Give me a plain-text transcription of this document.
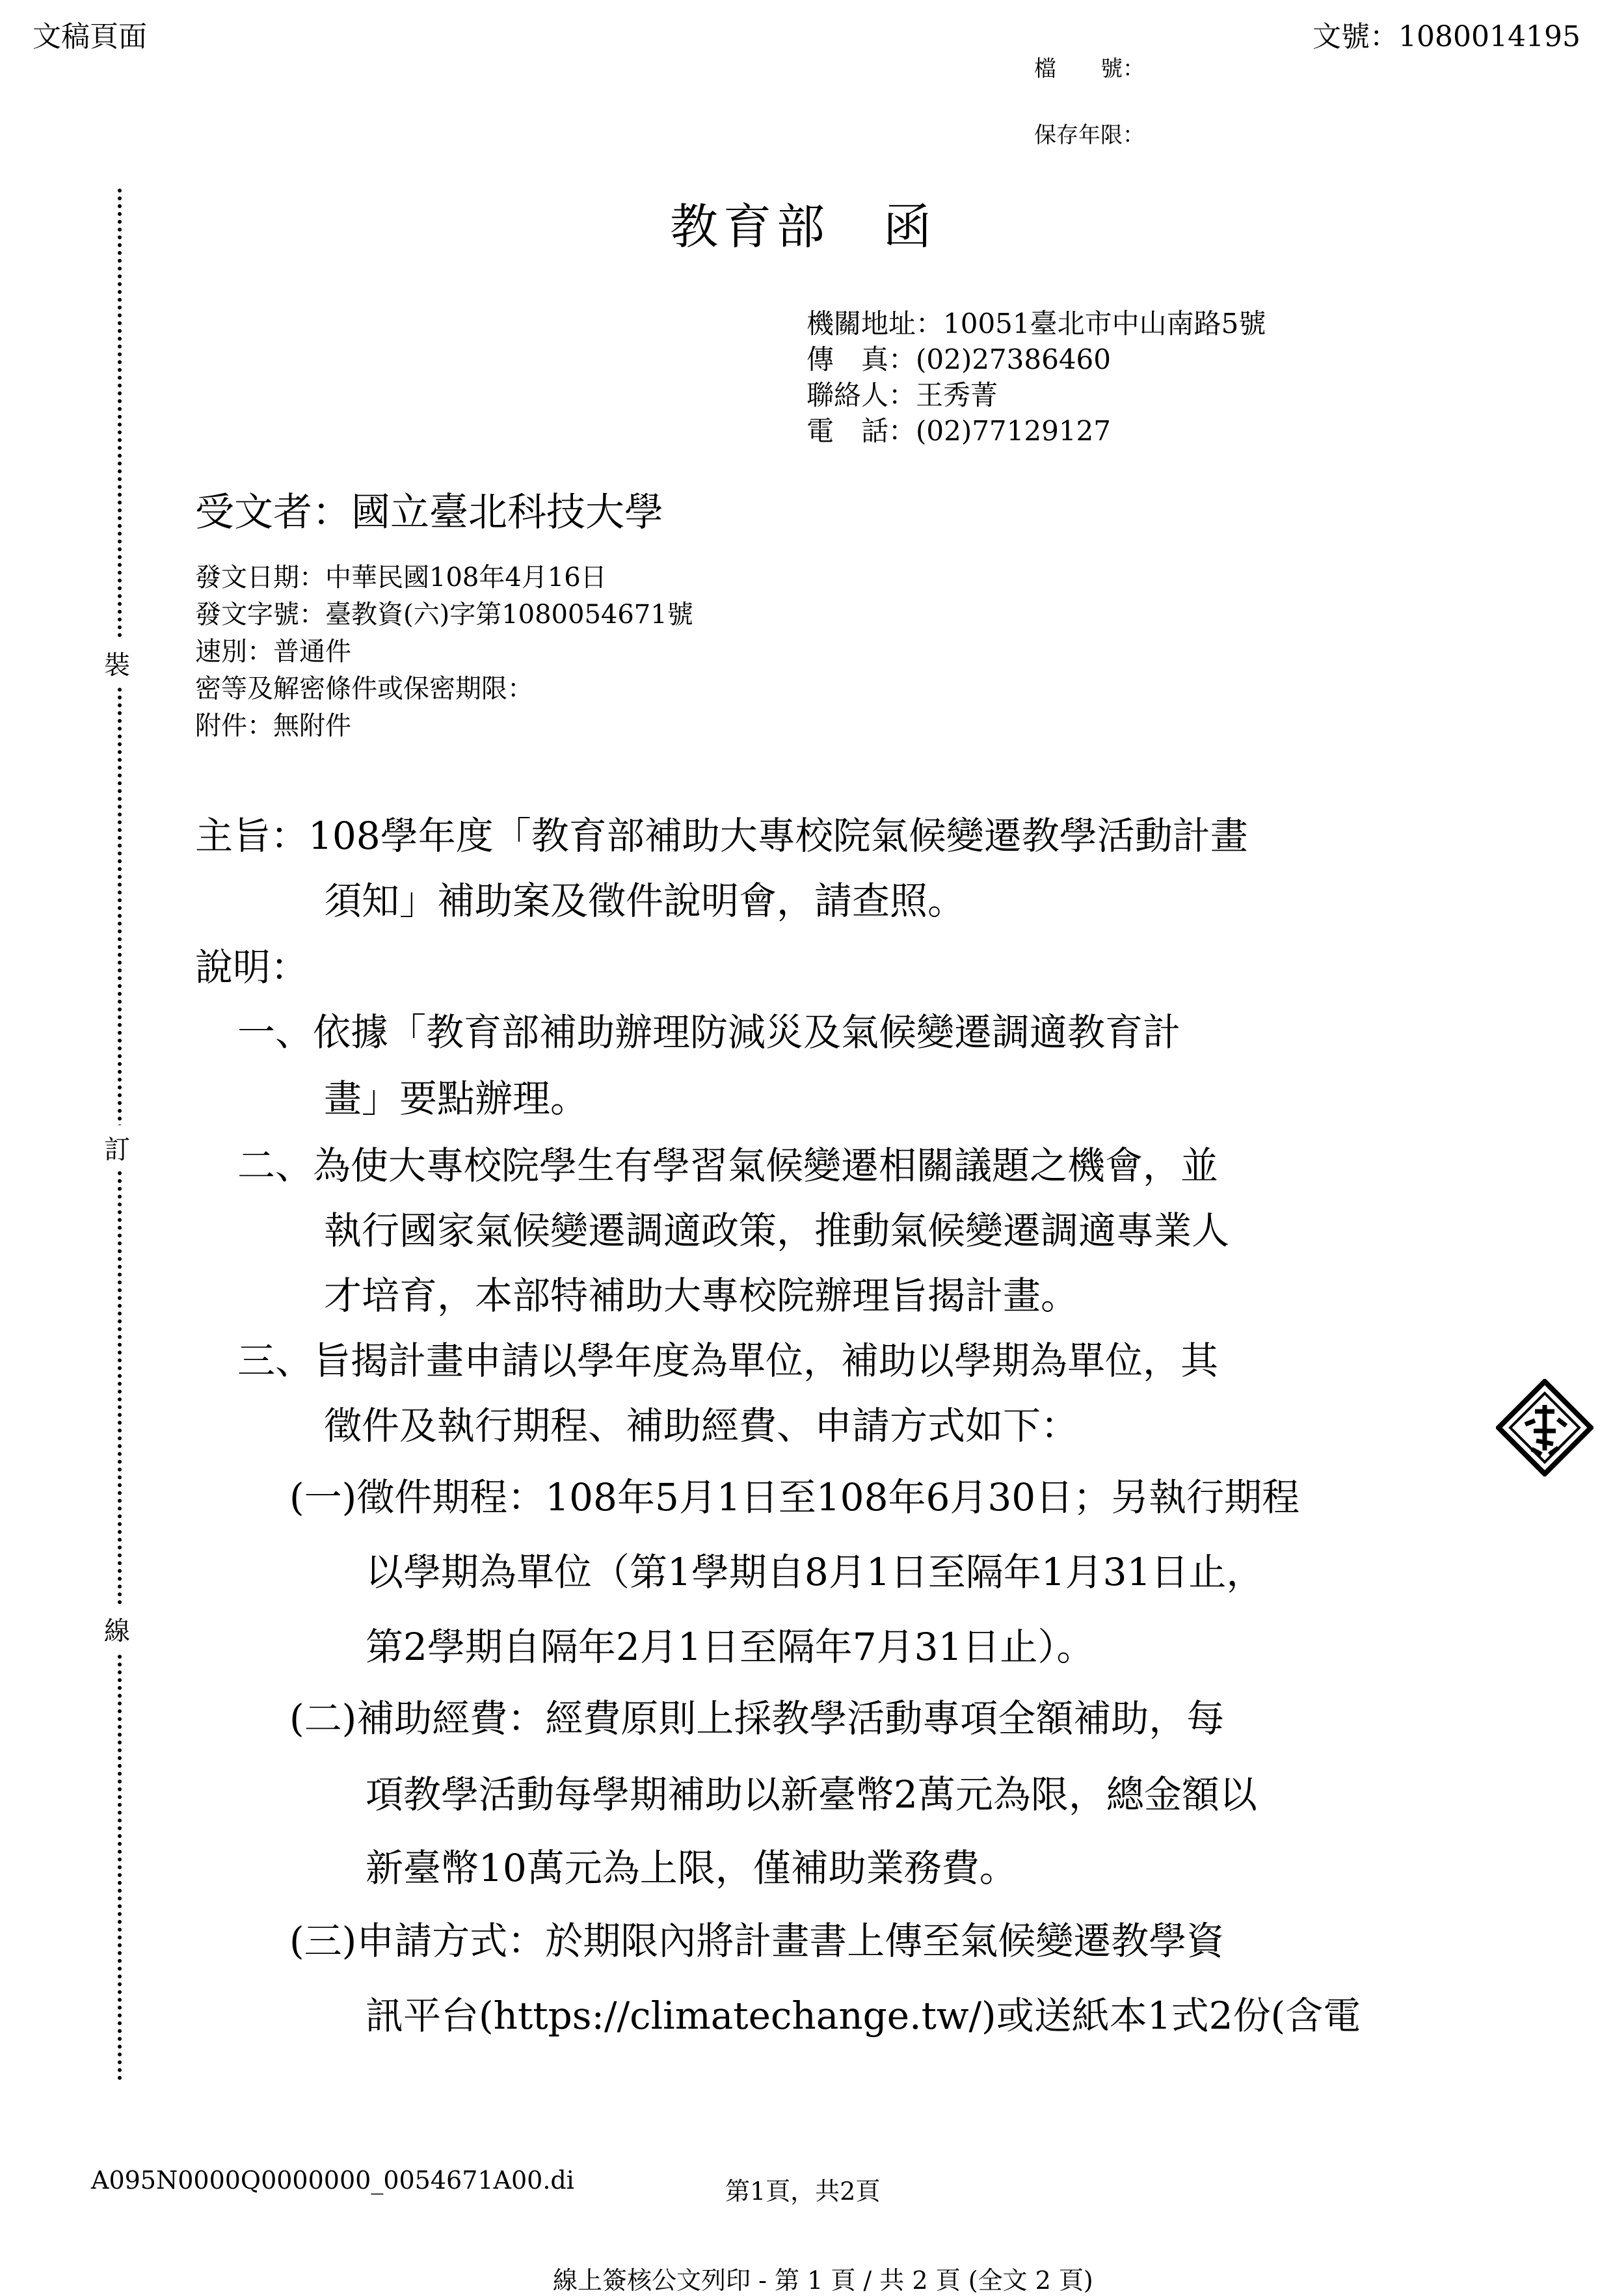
文稿頁面	文號：1080014195
檔　　號：
保存年限：
裝
訂
線
教育部　函
機關地址：10051臺北市中山南路5號
傳　真：(02)27386460
聯絡人：王秀菁
電　話：(02)77129127
受文者：國立臺北科技大學
發文日期：中華民國108年4月16日
發文字號：臺教資(六)字第1080054671號
速別：普通件
密等及解密條件或保密期限：
附件：無附件
主旨：108學年度「教育部補助大專校院氣候變遷教學活動計畫
須知」補助案及徵件說明會，請查照。
說明：
一、依據「教育部補助辦理防減災及氣候變遷調適教育計
畫」要點辦理。
二、為使大專校院學生有學習氣候變遷相關議題之機會，並
執行國家氣候變遷調適政策，推動氣候變遷調適專業人
才培育，本部特補助大專校院辦理旨揭計畫。
三、旨揭計畫申請以學年度為單位，補助以學期為單位，其
徵件及執行期程、補助經費、申請方式如下：
(一)徵件期程：108年5月1日至108年6月30日；另執行期程
以學期為單位（第1學期自8月1日至隔年1月31日止，
第2學期自隔年2月1日至隔年7月31日止）。
(二)補助經費：經費原則上採教學活動專項全額補助，每
項教學活動每學期補助以新臺幣2萬元為限，總金額以
新臺幣10萬元為上限，僅補助業務費。
(三)申請方式：於期限內將計畫書上傳至氣候變遷教學資
訊平台(https://climatechange.tw/)或送紙本1式2份(含電
A095N0000Q0000000_0054671A00.di	第1頁，共2頁
線上簽核公文列印 - 第 1 頁 / 共 2 頁 (全文 2 頁)
